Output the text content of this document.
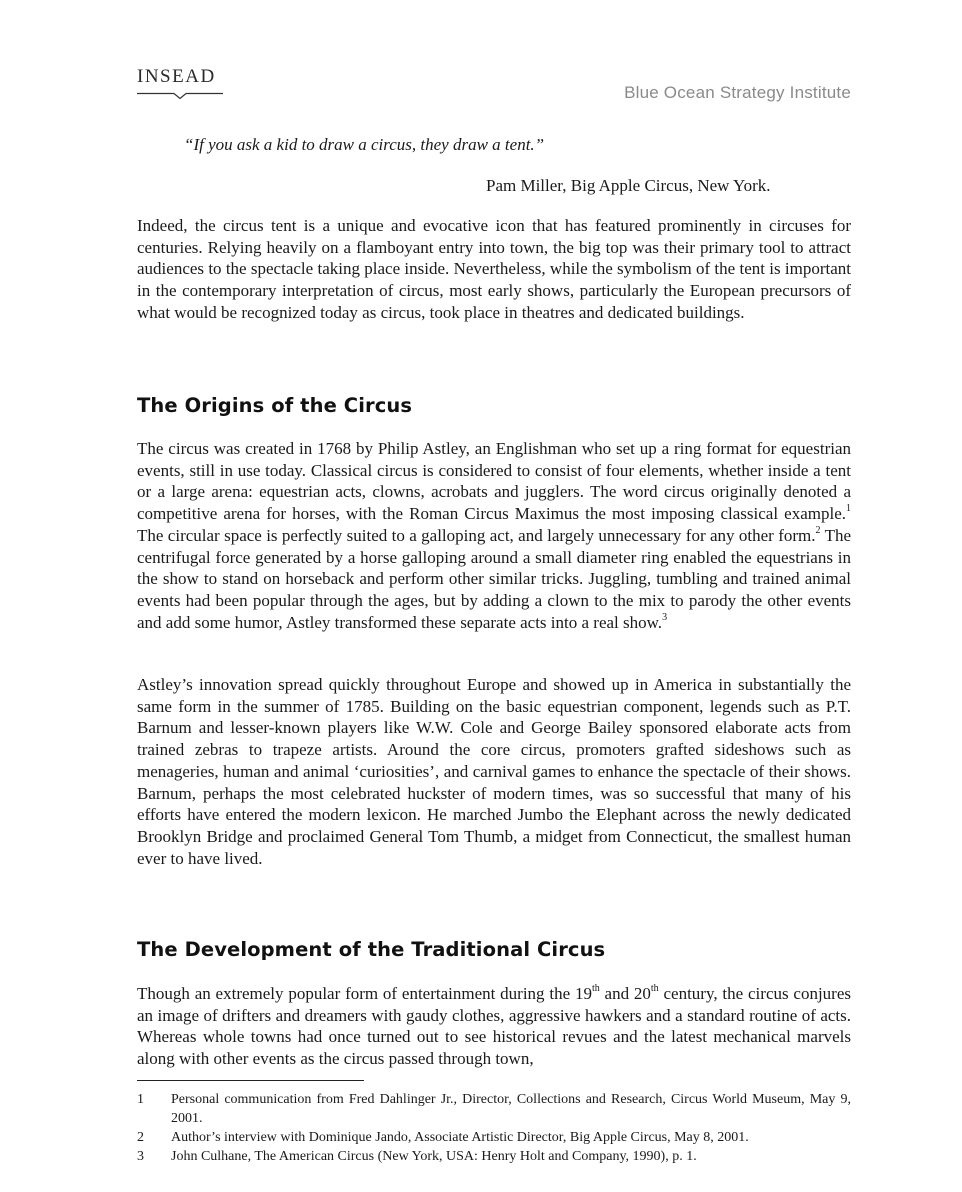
INSEAD
Blue Ocean Strategy Institute
“If you ask a kid to draw a circus, they draw a tent.”
Pam Miller, Big Apple Circus, New York.

Indeed, the circus tent is a unique and evocative icon that has featured prominently in circuses for centuries. Relying heavily on a flamboyant entry into town, the big top was their primary tool to attract audiences to the spectacle taking place inside. Nevertheless, while the symbolism of the tent is important in the contemporary interpretation of circus, most early shows, particularly the European precursors of what would be recognized today as circus, took place in theatres and dedicated buildings.

The Origins of the Circus

The circus was created in 1768 by Philip Astley, an Englishman who set up a ring format for equestrian events, still in use today. Classical circus is considered to consist of four elements, whether inside a tent or a large arena: equestrian acts, clowns, acrobats and jugglers. The word circus originally denoted a competitive arena for horses, with the Roman Circus Maximus the most imposing classical example.$^1$ The circular space is perfectly suited to a galloping act, and largely unnecessary for any other form.$^2$ The centrifugal force generated by a horse galloping around a small diameter ring enabled the equestrians in the show to stand on horseback and perform other similar tricks. Juggling, tumbling and trained animal events had been popular through the ages, but by adding a clown to the mix to parody the other events and add some humor, Astley transformed these separate acts into a real show.$^3$

Astley’s innovation spread quickly throughout Europe and showed up in America in substantially the same form in the summer of 1785. Building on the basic equestrian component, legends such as P.T. Barnum and lesser-known players like W.W. Cole and George Bailey sponsored elaborate acts from trained zebras to trapeze artists. Around the core circus, promoters grafted sideshows such as menageries, human and animal ‘curiosities’, and carnival games to enhance the spectacle of their shows. Barnum, perhaps the most celebrated huckster of modern times, was so successful that many of his efforts have entered the modern lexicon. He marched Jumbo the Elephant across the newly dedicated Brooklyn Bridge and proclaimed General Tom Thumb, a midget from Connecticut, the smallest human ever to have lived.

The Development of the Traditional Circus

Though an extremely popular form of entertainment during the 19th and 20th century, the circus conjures an image of drifters and dreamers with gaudy clothes, aggressive hawkers and a standard routine of acts. Whereas whole towns had once turned out to see historical revues and the latest mechanical marvels along with other events as the circus passed through town,

1	Personal communication from Fred Dahlinger Jr., Director, Collections and Research, Circus World Museum, May 9, 2001.
2	Author’s interview with Dominique Jando, Associate Artistic Director, Big Apple Circus, May 8, 2001.
3	John Culhane, The American Circus (New York, USA: Henry Holt and Company, 1990), p. 1.
